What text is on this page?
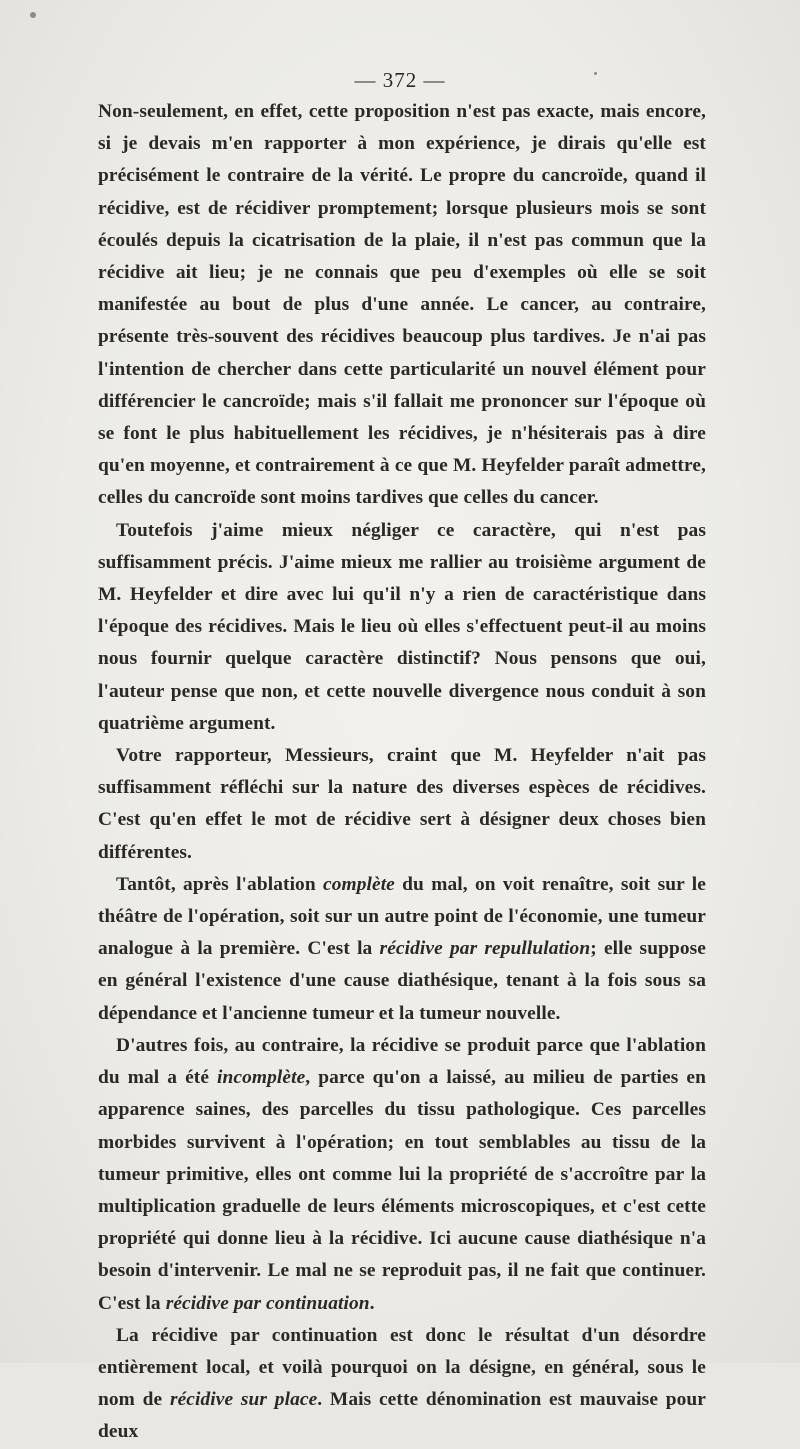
— 372 —

Non-seulement, en effet, cette proposition n'est pas exacte, mais encore, si je devais m'en rapporter à mon expérience, je dirais qu'elle est précisément le contraire de la vérité. Le propre du cancroïde, quand il récidive, est de récidiver promptement; lorsque plusieurs mois se sont écoulés depuis la cicatrisation de la plaie, il n'est pas commun que la récidive ait lieu; je ne connais que peu d'exemples où elle se soit manifestée au bout de plus d'une année. Le cancer, au contraire, présente très-souvent des récidives beaucoup plus tardives. Je n'ai pas l'intention de chercher dans cette particularité un nouvel élément pour différencier le cancroïde; mais s'il fallait me prononcer sur l'époque où se font le plus habituellement les récidives, je n'hésiterais pas à dire qu'en moyenne, et contrairement à ce que M. Heyfelder paraît admettre, celles du cancroïde sont moins tardives que celles du cancer.

Toutefois j'aime mieux négliger ce caractère, qui n'est pas suffisamment précis. J'aime mieux me rallier au troisième argument de M. Heyfelder et dire avec lui qu'il n'y a rien de caractéristique dans l'époque des récidives. Mais le lieu où elles s'effectuent peut-il au moins nous fournir quelque caractère distinctif? Nous pensons que oui, l'auteur pense que non, et cette nouvelle divergence nous conduit à son quatrième argument.

Votre rapporteur, Messieurs, craint que M. Heyfelder n'ait pas suffisamment réfléchi sur la nature des diverses espèces de récidives. C'est qu'en effet le mot de récidive sert à désigner deux choses bien différentes.

Tantôt, après l'ablation complète du mal, on voit renaître, soit sur le théâtre de l'opération, soit sur un autre point de l'économie, une tumeur analogue à la première. C'est la récidive par repullulation; elle suppose en général l'existence d'une cause diathésique, tenant à la fois sous sa dépendance et l'ancienne tumeur et la tumeur nouvelle.

D'autres fois, au contraire, la récidive se produit parce que l'ablation du mal a été incomplète, parce qu'on a laissé, au milieu de parties en apparence saines, des parcelles du tissu pathologique. Ces parcelles morbides survivent à l'opération; en tout semblables au tissu de la tumeur primitive, elles ont comme lui la propriété de s'accroître par la multiplication graduelle de leurs éléments microscopiques, et c'est cette propriété qui donne lieu à la récidive. Ici aucune cause diathésique n'a besoin d'intervenir. Le mal ne se reproduit pas, il ne fait que continuer. C'est la récidive par continuation.

La récidive par continuation est donc le résultat d'un désordre entièrement local, et voilà pourquoi on la désigne, en général, sous le nom de récidive sur place. Mais cette dénomination est mauvaise pour deux
